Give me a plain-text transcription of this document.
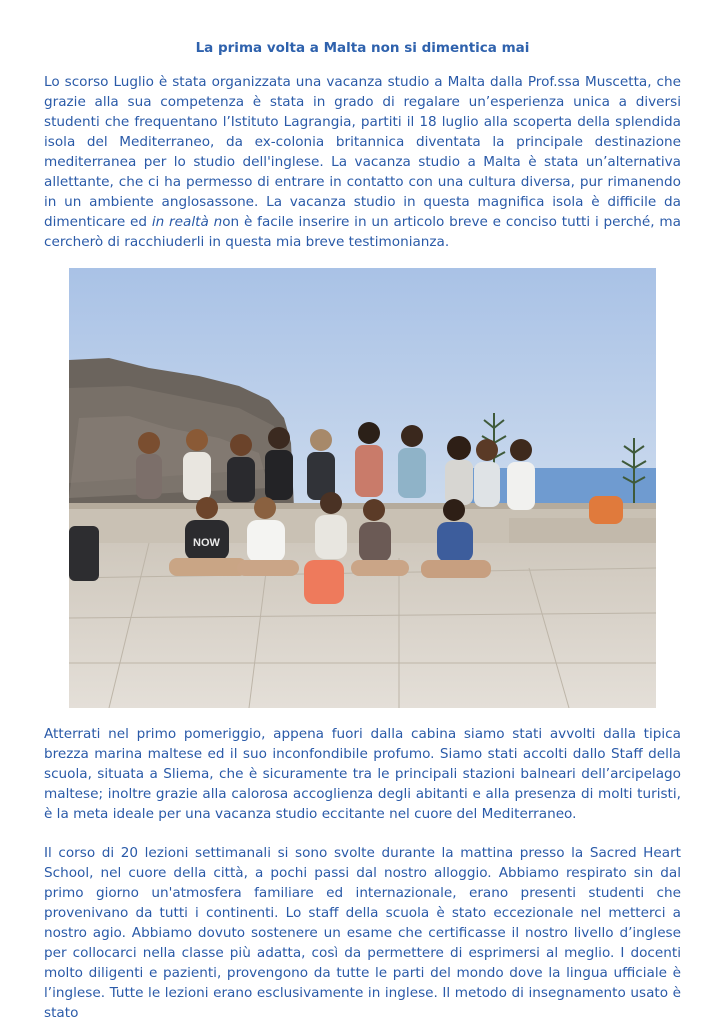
La prima volta a Malta non si dimentica mai

Lo scorso Luglio è stata organizzata una vacanza studio a Malta dalla Prof.ssa Muscetta, che grazie alla sua competenza è stata in grado di regalare un’esperienza unica a diversi studenti che frequentano l’Istituto Lagrangia, partiti il 18 luglio alla scoperta della splendida isola del Mediterraneo, da ex-colonia britannica diventata la principale destinazione mediterranea per lo studio dell'inglese. La vacanza studio a Malta è stata un’alternativa allettante, che ci ha permesso di entrare in contatto con una cultura diversa, pur rimanendo in un ambiente anglosassone. La vacanza studio in questa magnifica isola è difficile da dimenticare ed in realtà non è facile inserire in un articolo breve e conciso tutti i perché, ma cercherò di racchiuderli in questa mia breve testimonianza.

NOW

Atterrati nel primo pomeriggio, appena fuori dalla cabina siamo stati avvolti dalla tipica brezza marina maltese ed il suo inconfondibile profumo. Siamo stati accolti dallo Staff della scuola, situata a Sliema, che è sicuramente tra le principali stazioni balneari dell’arcipelago maltese; inoltre grazie alla calorosa accoglienza degli abitanti e alla presenza di molti turisti, è la meta ideale per una vacanza studio eccitante nel cuore del Mediterraneo.

Il corso di 20 lezioni settimanali si sono svolte durante la mattina presso la Sacred Heart School, nel cuore della città, a pochi passi dal nostro alloggio. Abbiamo respirato sin dal primo giorno un'atmosfera familiare ed internazionale, erano presenti studenti che provenivano da tutti i continenti. Lo staff della scuola è stato eccezionale nel metterci a nostro agio. Abbiamo dovuto sostenere un esame che certificasse il nostro livello d’inglese per collocarci nella classe più adatta, così da permettere di esprimersi al meglio. I docenti molto diligenti e pazienti, provengono da tutte le parti del mondo dove la lingua ufficiale è l’inglese. Tutte le lezioni erano esclusivamente in inglese. Il metodo di insegnamento usato è stato
